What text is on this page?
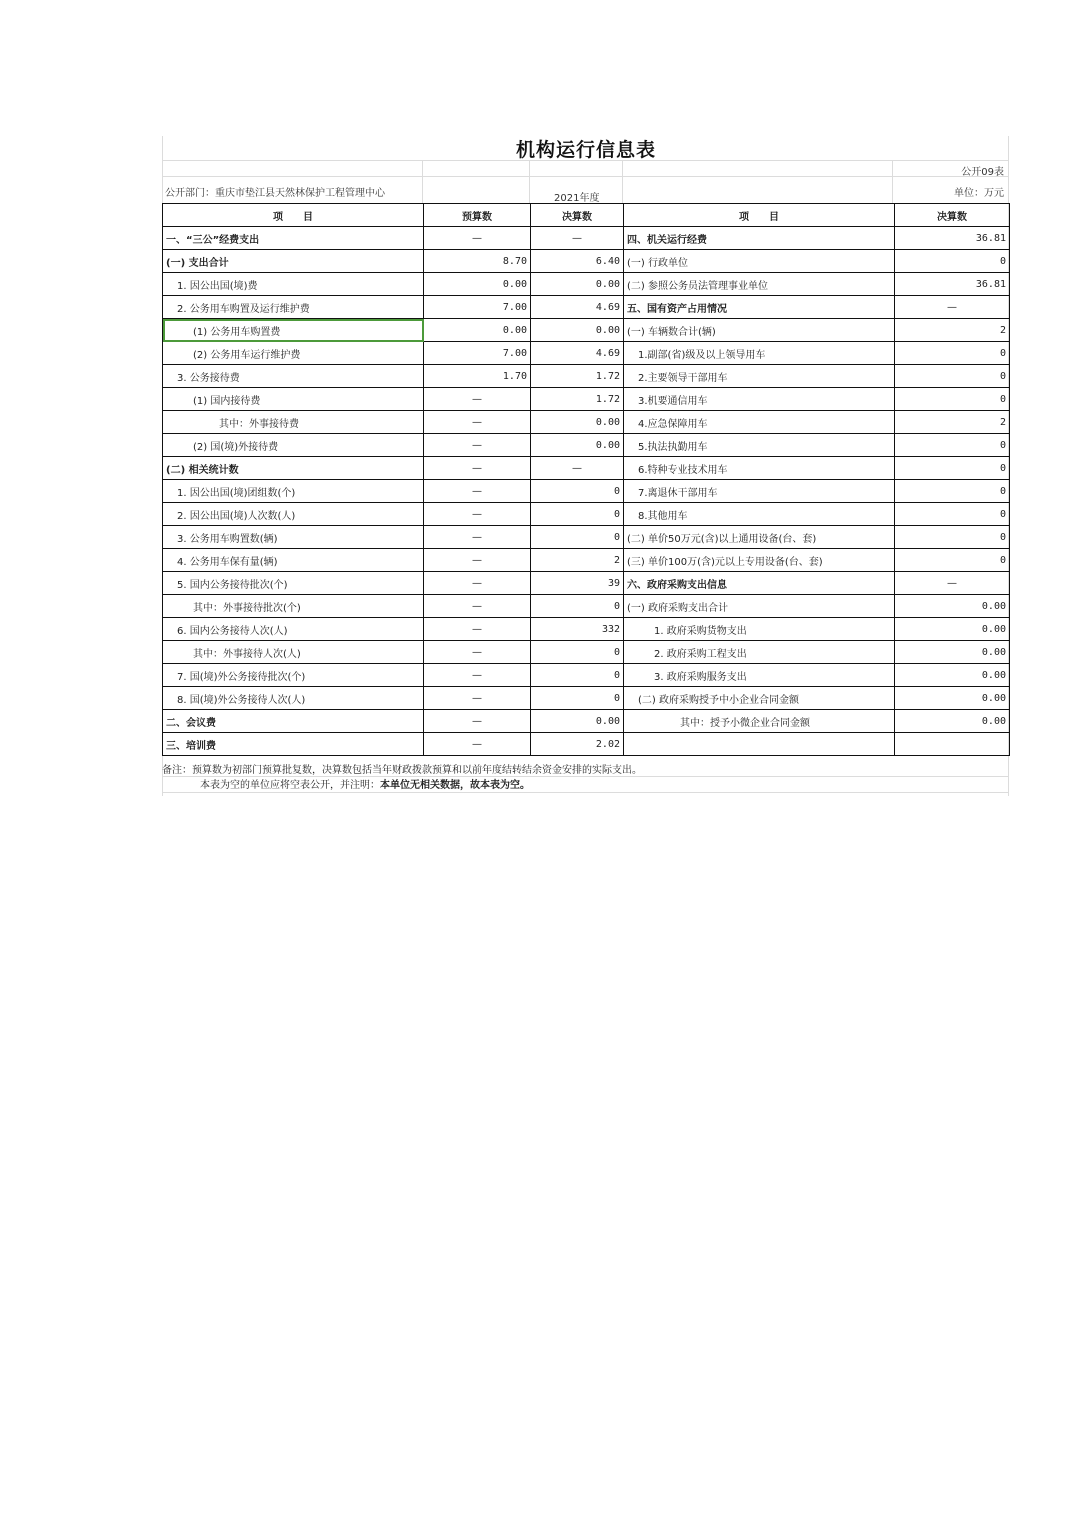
机构运行信息表
公开09表
公开部门：重庆市垫江县天然林保护工程管理中心	2021年度	单位：万元
项　　目	预算数	决算数	项　　目	决算数
一、“三公”经费支出	—	—	四、机关运行经费	36.81
(一) 支出合计	8.70	6.40	(一) 行政单位	0
1. 因公出国(境)费	0.00	0.00	(二) 参照公务员法管理事业单位	36.81
2. 公务用车购置及运行维护费	7.00	4.69	五、国有资产占用情况	—
(1) 公务用车购置费	0.00	0.00	(一) 车辆数合计(辆)	2
(2) 公务用车运行维护费	7.00	4.69	1.副部(省)级及以上领导用车	0
3. 公务接待费	1.70	1.72	2.主要领导干部用车	0
(1) 国内接待费	—	1.72	3.机要通信用车	0
其中：外事接待费	—	0.00	4.应急保障用车	2
(2) 国(境)外接待费	—	0.00	5.执法执勤用车	0
(二) 相关统计数	—	—	6.特种专业技术用车	0
1. 因公出国(境)团组数(个)	—	0	7.离退休干部用车	0
2. 因公出国(境)人次数(人)	—	0	8.其他用车	0
3. 公务用车购置数(辆)	—	0	(二) 单价50万元(含)以上通用设备(台、套)	0
4. 公务用车保有量(辆)	—	2	(三) 单价100万(含)元以上专用设备(台、套)	0
5. 国内公务接待批次(个)	—	39	六、政府采购支出信息	—
其中：外事接待批次(个)	—	0	(一) 政府采购支出合计	0.00
6. 国内公务接待人次(人)	—	332	1. 政府采购货物支出	0.00
其中：外事接待人次(人)	—	0	2. 政府采购工程支出	0.00
7. 国(境)外公务接待批次(个)	—	0	3. 政府采购服务支出	0.00
8. 国(境)外公务接待人次(人)	—	0	(二) 政府采购授予中小企业合同金额	0.00
二、会议费	—	0.00	其中：授予小微企业合同金额	0.00
三、培训费	—	2.02		
备注：预算数为初部门预算批复数，决算数包括当年财政拨款预算和以前年度结转结余资金安排的实际支出。
本表为空的单位应将空表公开，并注明：本单位无相关数据，故本表为空。
